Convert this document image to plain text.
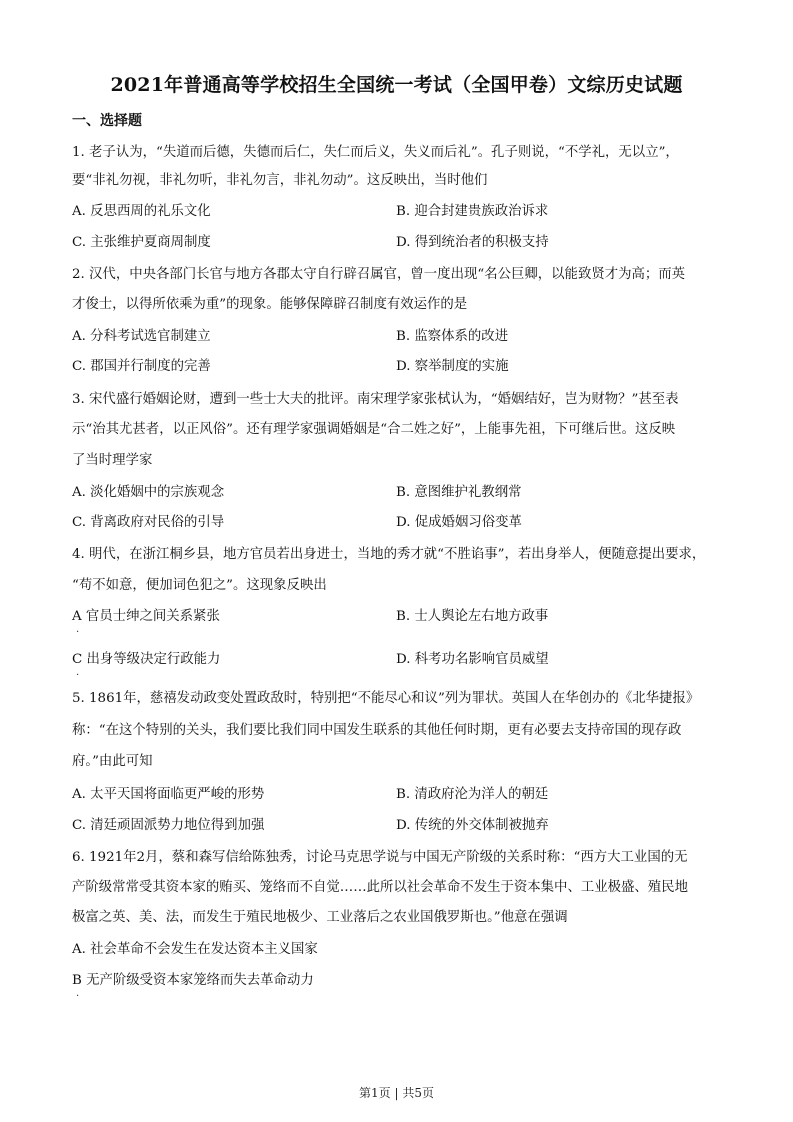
2021年普通高等学校招生全国统一考试（全国甲卷）文综历史试题
一、选择题
1. 老子认为，“失道而后德，失德而后仁，失仁而后义，失义而后礼”。孔子则说，“不学礼，无以立”，
要“非礼勿视，非礼勿听，非礼勿言，非礼勿动”。这反映出，当时他们
A. 反思西周的礼乐文化	B. 迎合封建贵族政治诉求
C. 主张维护夏商周制度	D. 得到统治者的积极支持
2. 汉代，中央各部门长官与地方各郡太守自行辟召属官，曾一度出现“名公巨卿，以能致贤才为高；而英
才俊士，以得所依乘为重”的现象。能够保障辟召制度有效运作的是
A. 分科考试选官制建立	B. 监察体系的改进
C. 郡国并行制度的完善	D. 察举制度的实施
3. 宋代盛行婚姻论财，遭到一些士大夫的批评。南宋理学家张栻认为，“婚姻结好，岂为财物？”甚至表
示“治其尤甚者，以正风俗”。还有理学家强调婚姻是“合二姓之好”，上能事先祖，下可继后世。这反映
了当时理学家
A. 淡化婚姻中的宗族观念	B. 意图维护礼教纲常
C. 背离政府对民俗的引导	D. 促成婚姻习俗变革
4. 明代，在浙江桐乡县，地方官员若出身进士，当地的秀才就“不胜谄事”，若出身举人，便随意提出要求，
“苟不如意，便加词色犯之”。这现象反映出
A 官员士绅之间关系紧张	B. 士人舆论左右地方政事
·
C 出身等级决定行政能力	D. 科考功名影响官员威望
·
5. 1861年，慈禧发动政变处置政敌时，特别把“不能尽心和议”列为罪状。英国人在华创办的《北华捷报》
称：“在这个特别的关头，我们要比我们同中国发生联系的其他任何时期，更有必要去支持帝国的现存政
府。”由此可知
A. 太平天国将面临更严峻的形势	B. 清政府沦为洋人的朝廷
C. 清廷顽固派势力地位得到加强	D. 传统的外交体制被抛弃
6. 1921年2月，蔡和森写信给陈独秀，讨论马克思学说与中国无产阶级的关系时称：“西方大工业国的无
产阶级常常受其资本家的贿买、笼络而不自觉……此所以社会革命不发生于资本集中、工业极盛、殖民地
极富之英、美、法，而发生于殖民地极少、工业落后之农业国俄罗斯也。”他意在强调
A. 社会革命不会发生在发达资本主义国家
B 无产阶级受资本家笼络而失去革命动力
·
第1页 | 共5页
